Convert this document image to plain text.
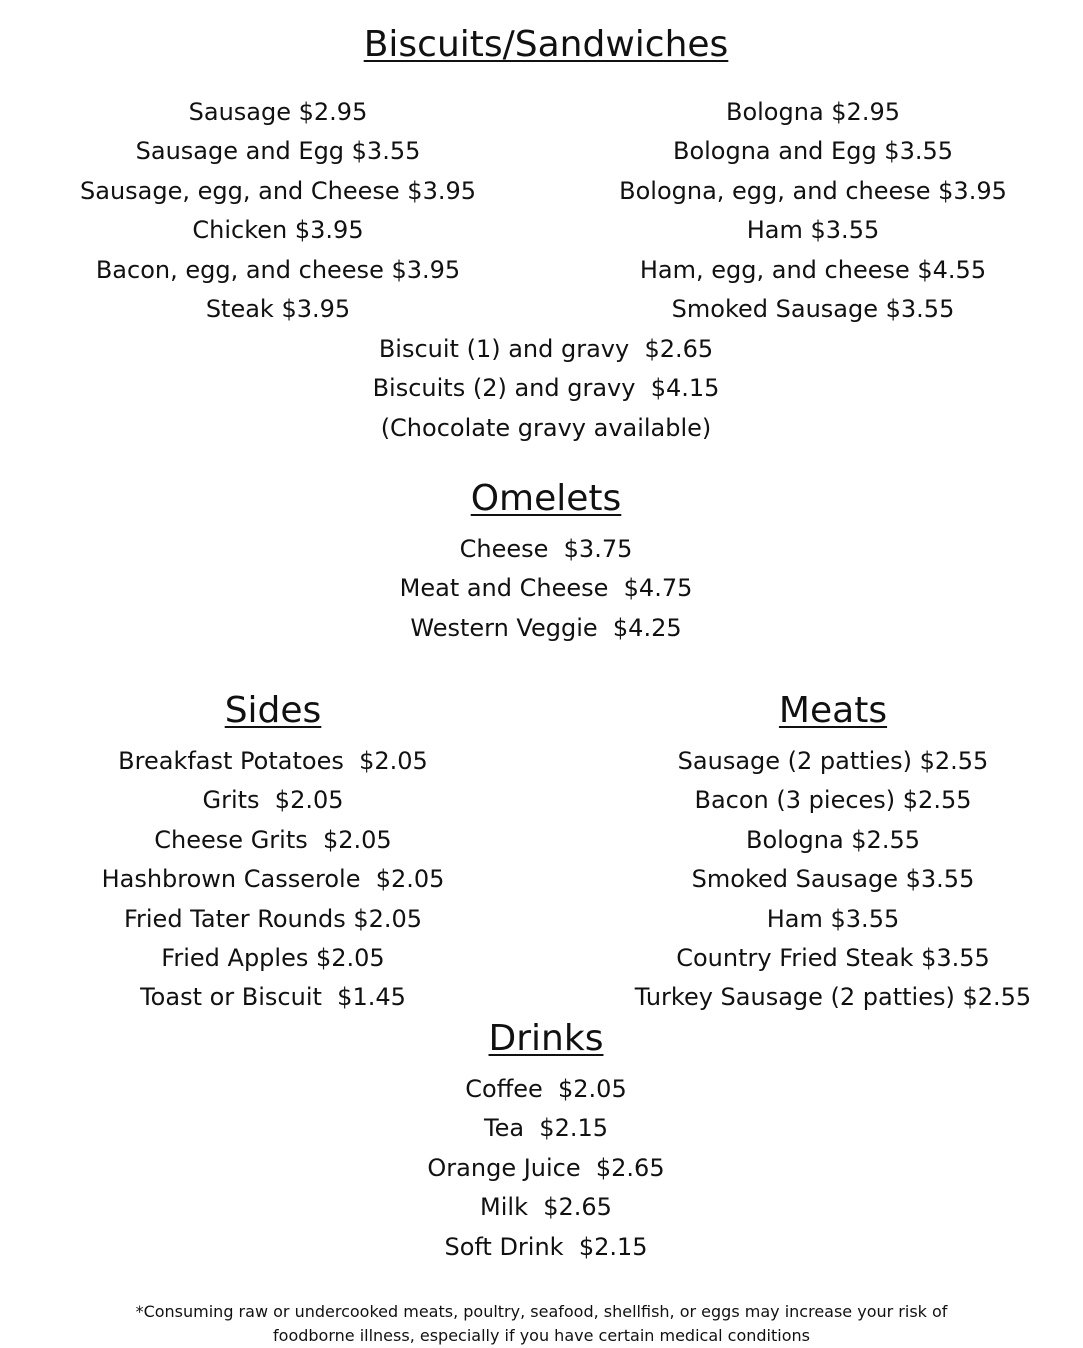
Biscuits/Sandwiches
Sausage $2.95
Sausage and Egg $3.55
Sausage, egg, and Cheese $3.95
Chicken $3.95
Bacon, egg, and cheese $3.95
Steak $3.95
Bologna $2.95
Bologna and Egg $3.55
Bologna, egg, and cheese $3.95
Ham $3.55
Ham, egg, and cheese $4.55
Smoked Sausage $3.55
Biscuit (1) and gravy  $2.65
Biscuits (2) and gravy  $4.15
(Chocolate gravy available)
Omelets
Cheese  $3.75
Meat and Cheese  $4.75
Western Veggie  $4.25
Sides
Breakfast Potatoes  $2.05
Grits  $2.05
Cheese Grits  $2.05
Hashbrown Casserole  $2.05
Fried Tater Rounds $2.05
Fried Apples $2.05
Toast or Biscuit  $1.45
Meats
Sausage (2 patties) $2.55
Bacon (3 pieces) $2.55
Bologna $2.55
Smoked Sausage $3.55
Ham $3.55
Country Fried Steak $3.55
Turkey Sausage (2 patties) $2.55
Drinks
Coffee  $2.05
Tea  $2.15
Orange Juice  $2.65
Milk  $2.65
Soft Drink  $2.15

*Consuming raw or undercooked meats, poultry, seafood, shellfish, or eggs may increase your risk of
foodborne illness, especially if you have certain medical conditions
